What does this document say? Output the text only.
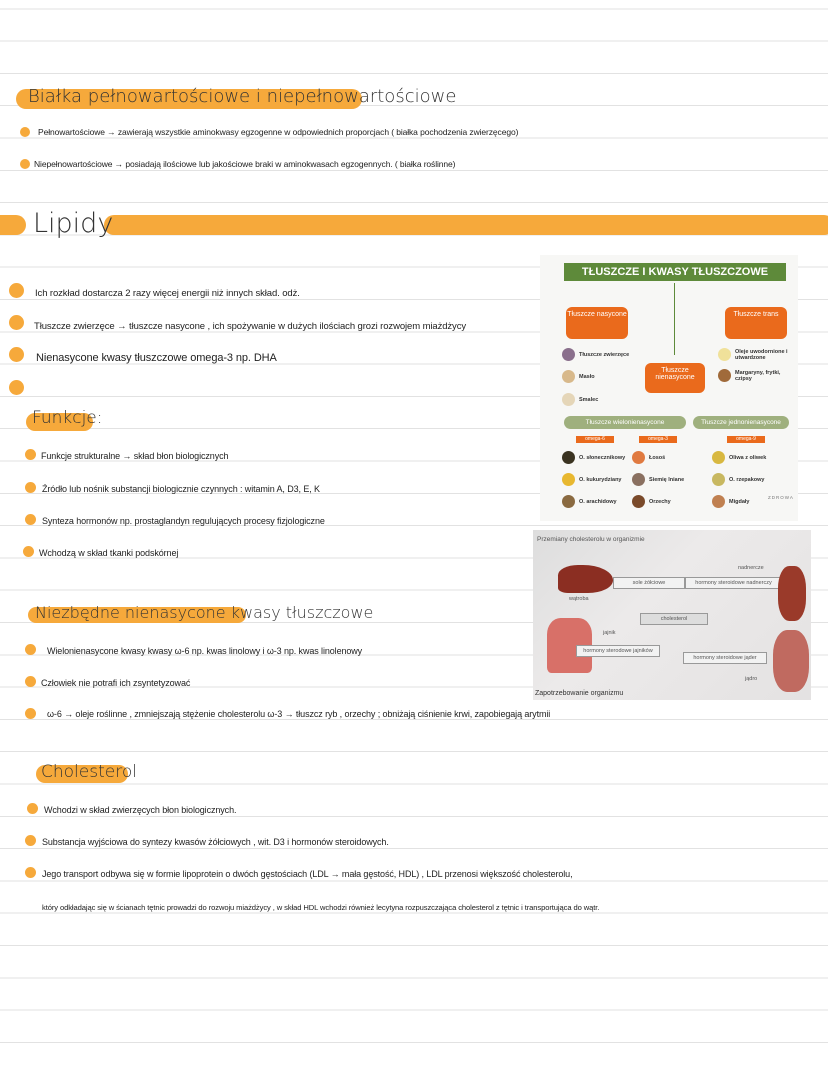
Białka pełnowartościowe i niepełnowartościowe
Pełnowartościowe → zawierają wszystkie aminokwasy egzogenne w odpowiednich proporcjach ( białka pochodzenia zwierzęcego)
Niepełnowartościowe → posiadają ilościowe lub jakościowe braki w aminokwasach egzogennych. ( białka roślinne)
Lipidy
Ich rozkład dostarcza 2 razy więcej energii niż innych skład. odż.
Tłuszcze zwierzęce → tłuszcze nasycone , ich spożywanie w dużych ilościach grozi rozwojem miażdżycy
Nienasycone kwasy tłuszczowe omega-3 np. DHA
Funkcje:
Funkcje strukturalne → skład błon biologicznych
Źródło lub nośnik substancji biologicznie czynnych : witamin A, D3, E, K
Synteza hormonów np. prostaglandyn regulujących procesy fizjologiczne
Wchodzą w skład tkanki podskórnej
Niezbędne nienasycone kwasy tłuszczowe
Wielonienasycone kwasy kwasy ω-6 np. kwas linolowy i ω-3 np. kwas linolenowy
Człowiek nie potrafi ich zsyntetyzować
ω-6 → oleje roślinne , zmniejszają stężenie cholesterolu ω-3 → tłuszcz ryb , orzechy ; obniżają ciśnienie krwi, zapobiegają arytmii
Cholesterol
Wchodzi w skład zwierzęcych błon biologicznych.
Substancja wyjściowa do syntezy kwasów żółciowych , wit. D3 i hormonów steroidowych.
Jego transport odbywa się w formie lipoprotein o dwóch gęstościach (LDL → mała gęstość, HDL) , LDL przenosi większość cholesterolu,
który odkładając się w ścianach tętnic prowadzi do rozwoju miażdżycy , w skład HDL wchodzi również lecytyna rozpuszczająca cholesterol z tętnic i transportująca do wątr.
TŁUSZCZE I KWASY TŁUSZCZOWE
Tłuszcze nasycone	Tłuszcze trans
Tłuszcze nienasycone
Tłuszcze zwierzęce
Masło
Smalec
Oleje uwodornione i utwardzone
Margaryny, frytki, czipsy
Tłuszcze wielonienasycone	Tłuszcze jednonienasycone
omega-6	omega-3	omega-9
O. słonecznikowy
O. kukurydziany
O. arachidowy
Łosoś
Siemię lniane
Orzechy
Oliwa z oliwek
O. rzepakowy
Migdały
ZDROWA
Przemiany cholesterolu w organizmie
wątroba
sole żółciowe	hormony steroidowe nadnerczy
nadnercze
cholesterol
jajnik
hormony sterodowe jajników
hormony steroidowe jąder
jądro
Zapotrzebowanie organizmu
